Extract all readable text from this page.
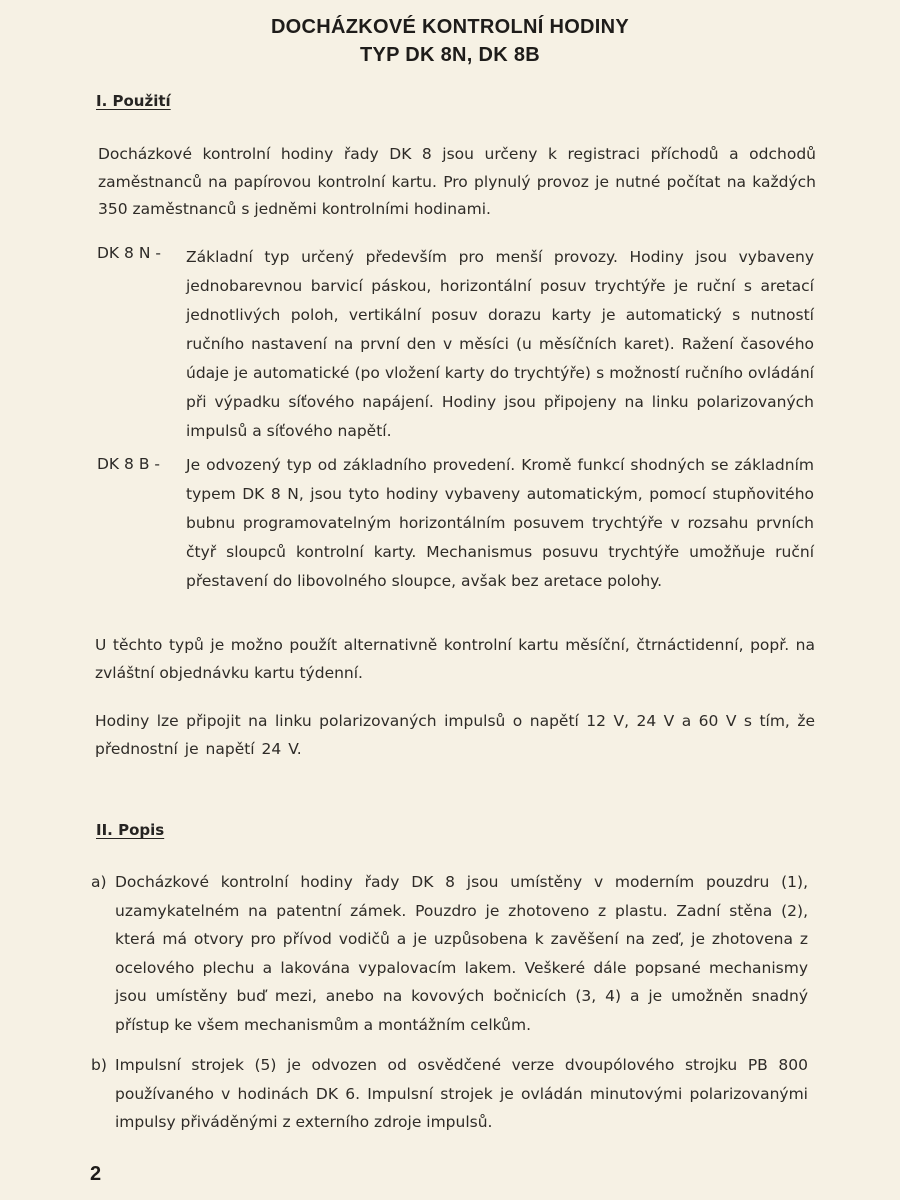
DOCHÁZKOVÉ KONTROLNÍ HODINY
TYP DK 8N, DK 8B
I. Použití
Docházkové kontrolní hodiny řady DK 8 jsou určeny k registraci příchodů a odchodů zaměstnanců na papírovou kontrolní kartu. Pro plynulý provoz je nutné počítat na každých 350 zaměstnanců s jedněmi kontrolními hodinami.
DK 8 N - Základní typ určený především pro menší provozy. Hodiny jsou vybaveny jednobarevnou barvicí páskou, horizontální posuv trychtýře je ruční s aretací jednotlivých poloh, vertikální posuv dorazu karty je automatický s nutností ručního nastavení na první den v měsíci (u měsíčních karet). Ražení časového údaje je automatické (po vložení karty do trychtýře) s možností ručního ovládání při výpadku síťového napájení. Hodiny jsou připojeny na linku polarizovaných impulsů a síťového napětí.
DK 8 B - Je odvozený typ od základního provedení. Kromě funkcí shodných se základním typem DK 8 N, jsou tyto hodiny vybaveny automatickým, pomocí stupňovitého bubnu programovatelným horizontálním posuvem trychtýře v rozsahu prvních čtyř sloupců kontrolní karty. Mechanismus posuvu trychtýře umožňuje ruční přestavení do libovolného sloupce, avšak bez aretace polohy.
U těchto typů je možno použít alternativně kontrolní kartu měsíční, čtrnáctidenní, popř. na zvláštní objednávku kartu týdenní.
Hodiny lze připojit na linku polarizovaných impulsů o napětí 12 V, 24 V a 60 V s tím, že přednostní je napětí 24 V.
II. Popis
a) Docházkové kontrolní hodiny řady DK 8 jsou umístěny v moderním pouzdru (1), uzamykatelném na patentní zámek. Pouzdro je zhotoveno z plastu. Zadní stěna (2), která má otvory pro přívod vodičů a je uzpůsobena k zavěšení na zeď, je zhotovena z ocelového plechu a lakována vypalovacím lakem. Veškeré dále popsané mechanismy jsou umístěny buď mezi, anebo na kovových bočnicích (3, 4) a je umožněn snadný přístup ke všem mechanismům a montážním celkům.
b) Impulsní strojek (5) je odvozen od osvědčené verze dvoupólového strojku PB 800 používaného v hodinách DK 6. Impulsní strojek je ovládán minutovými polarizovanými impulsy přiváděnými z externího zdroje impulsů.
2
